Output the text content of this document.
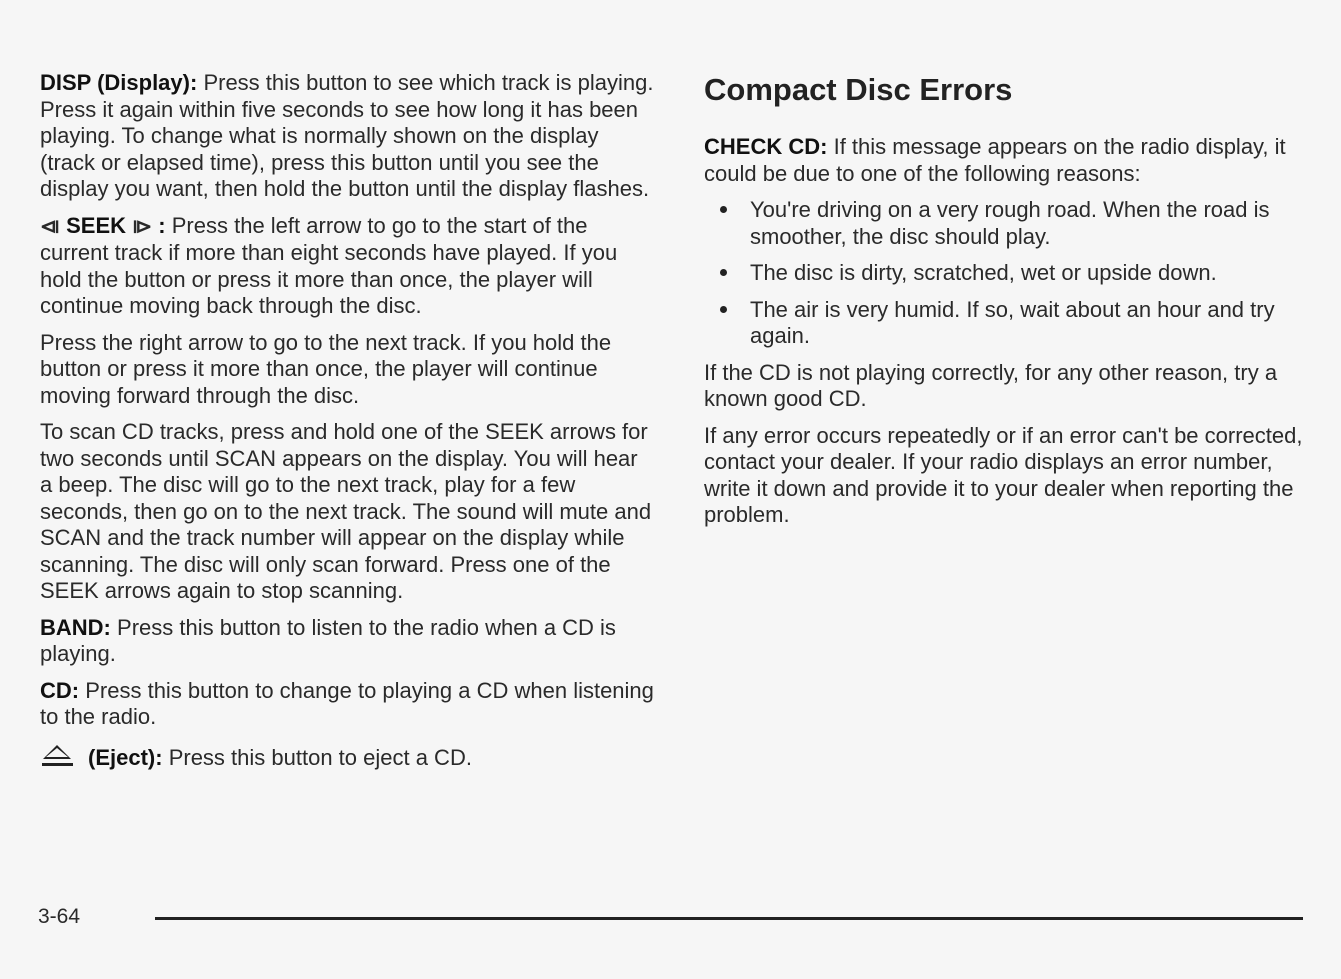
DISP (Display): Press this button to see which track is playing. Press it again within five seconds to see how long it has been playing. To change what is normally shown on the display (track or elapsed time), press this button until you see the display you want, then hold the button until the display flashes.

⧏ SEEK ⧐ : Press the left arrow to go to the start of the current track if more than eight seconds have played. If you hold the button or press it more than once, the player will continue moving back through the disc.

Press the right arrow to go to the next track. If you hold the button or press it more than once, the player will continue moving forward through the disc.

To scan CD tracks, press and hold one of the SEEK arrows for two seconds until SCAN appears on the display. You will hear a beep. The disc will go to the next track, play for a few seconds, then go on to the next track. The sound will mute and SCAN and the track number will appear on the display while scanning. The disc will only scan forward. Press one of the SEEK arrows again to stop scanning.

BAND: Press this button to listen to the radio when a CD is playing.

CD: Press this button to change to playing a CD when listening to the radio.

(Eject): Press this button to eject a CD.

Compact Disc Errors

CHECK CD: If this message appears on the radio display, it could be due to one of the following reasons:

You're driving on a very rough road. When the road is smoother, the disc should play.
The disc is dirty, scratched, wet or upside down.
The air is very humid. If so, wait about an hour and try again.

If the CD is not playing correctly, for any other reason, try a known good CD.

If any error occurs repeatedly or if an error can't be corrected, contact your dealer. If your radio displays an error number, write it down and provide it to your dealer when reporting the problem.

3-64
